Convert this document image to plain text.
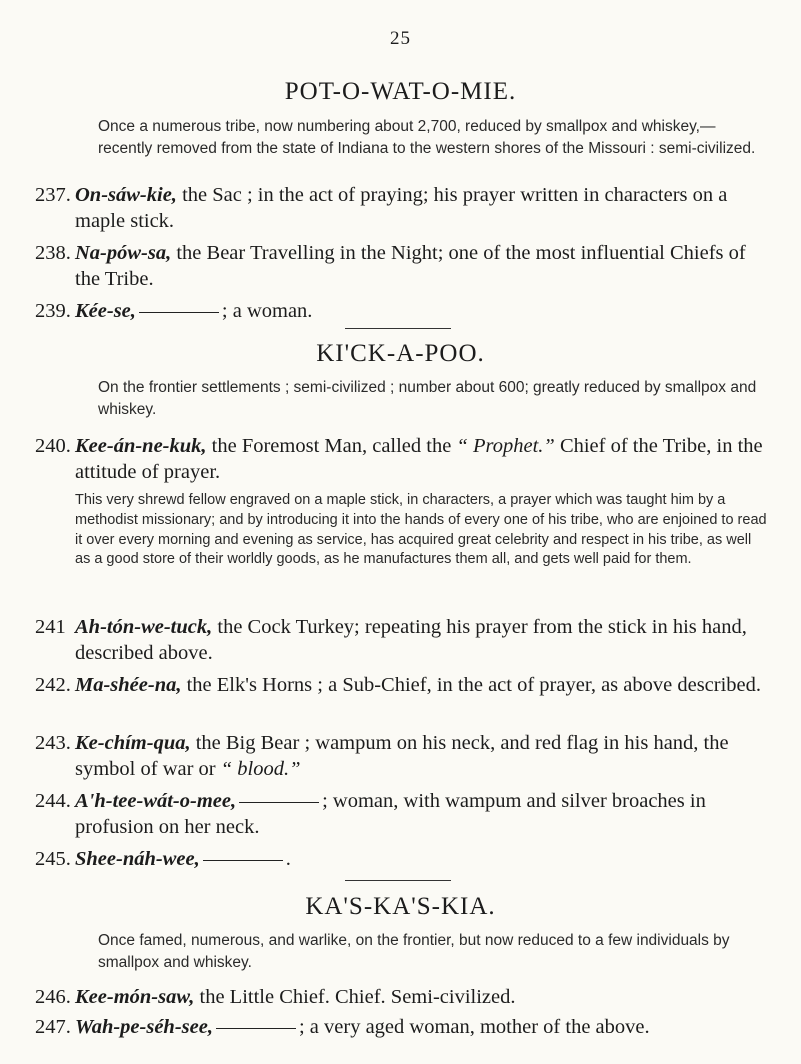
25
POT-O-WAT-O-MIE.
Once a numerous tribe, now numbering about 2,700, reduced by smallpox and whiskey,—recently removed from the state of Indiana to the western shores of the Missouri : semi-civilized.
237. On-sáw-kie, the Sac ; in the act of praying; his prayer written in characters on a maple stick.
238. Na-pów-sa, the Bear Travelling in the Night; one of the most influential Chiefs of the Tribe.
239. Kée-se,	; a woman.
KI'CK-A-POO.
On the frontier settlements ; semi-civilized ; number about 600; greatly reduced by smallpox and whiskey.
240. Kee-án-ne-kuk, the Foremost Man, called the “ Prophet.” Chief of the Tribe, in the attitude of prayer.
This very shrewd fellow engraved on a maple stick, in characters, a prayer which was taught him by a methodist missionary; and by introducing it into the hands of every one of his tribe, who are enjoined to read it over every morning and evening as service, has acquired great celebrity and respect in his tribe, as well as a good store of their worldly goods, as he manufactures them all, and gets well paid for them.
241 Ah-tón-we-tuck, the Cock Turkey; repeating his prayer from the stick in his hand, described above.
242. Ma-shée-na, the Elk's Horns ; a Sub-Chief, in the act of prayer, as above described.
243. Ke-chím-qua, the Big Bear ; wampum on his neck, and red flag in his hand, the symbol of war or “ blood.”
244. A'h-tee-wát-o-mee,	; woman, with wampum and silver broaches in profusion on her neck.
245. Shee-náh-wee,	.
KA'S-KA'S-KIA.
Once famed, numerous, and warlike, on the frontier, but now reduced to a few individuals by smallpox and whiskey.
246. Kee-món-saw, the Little Chief. Chief. Semi-civilized.
247. Wah-pe-séh-see,	; a very aged woman, mother of the above.
